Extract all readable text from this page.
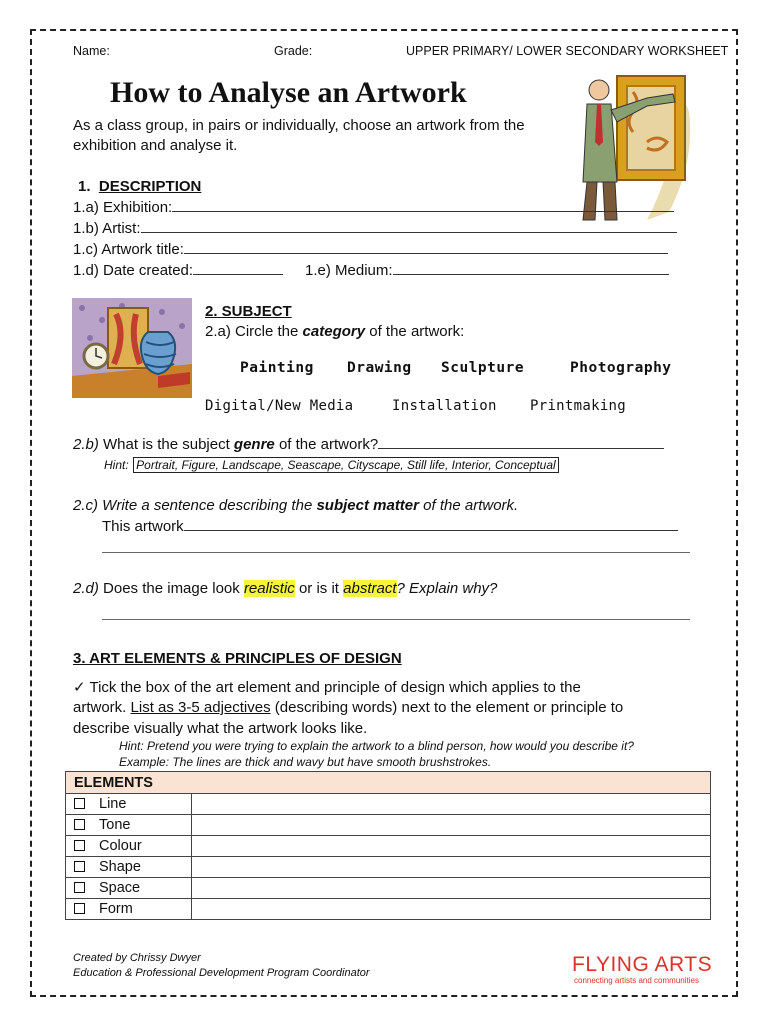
Name:	Grade:	UPPER PRIMARY/ LOWER SECONDARY WORKSHEET
How to Analyse an Artwork
As a class group, in pairs or individually, choose an artwork from the exhibition and analyse it.
1. DESCRIPTION
1.a) Exhibition:
1.b) Artist:
1.c) Artwork title:
1.d) Date created:	1.e) Medium:
2. SUBJECT
2.a) Circle the category of the artwork:
Painting Drawing Sculpture	Photography
Digital/New Media	Installation Printmaking
2.b) What is the subject genre of the artwork?
Hint: Portrait, Figure, Landscape, Seascape, Cityscape, Still life, Interior, Conceptual
2.c) Write a sentence describing the subject matter of the artwork.
This artwork
2.d) Does the image look realistic or is it abstract? Explain why?
3. ART ELEMENTS & PRINCIPLES OF DESIGN
✓ Tick the box of the art element and principle of design which applies to the
artwork. List as 3-5 adjectives (describing words) next to the element or principle to
describe visually what the artwork looks like.
Hint: Pretend you were trying to explain the artwork to a blind person, how would you describe it?
Example: The lines are thick and wavy but have smooth brushstrokes.
ELEMENTS	
Line	
Tone	
Colour	
Shape	
Space	
Form	
Created by Chrissy Dwyer
Education & Professional Development Program Coordinator	FLYING ARTS
connecting artists and communities
